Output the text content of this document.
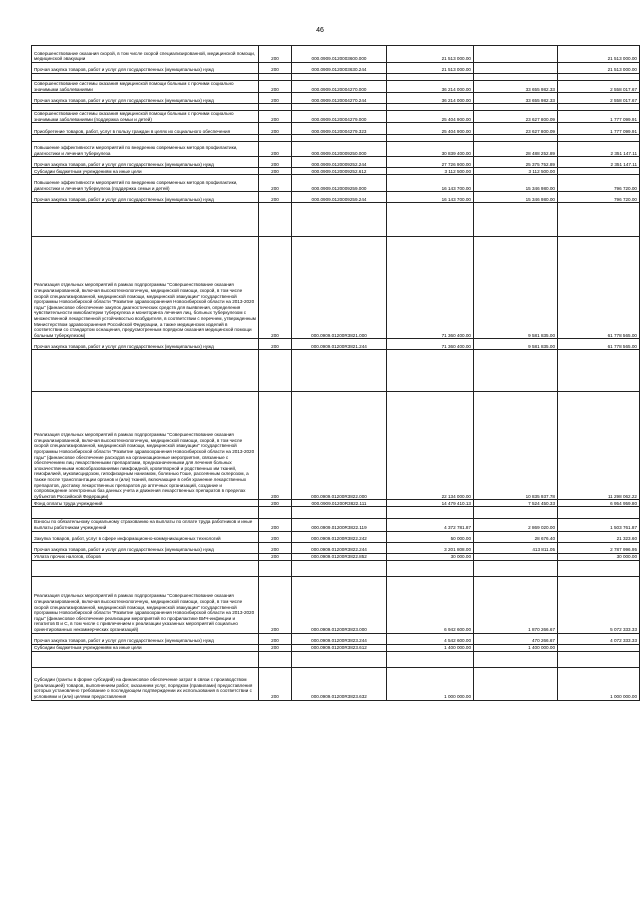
46
Совершенствование оказания скорой, в том числе скорой специализированной, медицинской помощи, медицинской эвакуации	200	000.0909.0120003600.000	21 513 000.00		21 513 000.00
Прочая закупка товаров, работ и услуг для государственных (муниципальных) нужд	200	000.0909.0120003630.244	21 513 000.00		21 513 000.00

Совершенствование системы оказания медицинской помощи больным с прочими социально значимыми заболеваниями	200	000.0909.0120004270.000	36 214 000.00	33 655 982.33	2 558 017.67
Прочая закупка товаров, работ и услуг для государственных (муниципальных) нужд	200	000.0909.0120004270.244	36 214 000.00	33 655 982.33	2 558 017.67

Совершенствование системы оказания медицинской помощи больным с прочими социально значимыми заболеваниями (поддержка семьи и детей)	200	000.0909.0120004279.000	25 404 900.00	23 627 800.09	1 777 099.91
Приобретение товаров, работ, услуг в пользу граждан в целях их социального обеспечения	200	000.0909.0120004279.323	25 404 900.00	23 627 800.09	1 777 099.91

Повышение эффективности мероприятий по внедрению современных методов профилактики, диагностики и лечения туберкулеза	200	000.0909.0120009250.000	30 839 400.00	28 488 252.89	2 351 147.11
Прочая закупка товаров, работ и услуг для государственных (муниципальных) нужд	200	000.0909.0120009252.244	27 726 900.00	25 375 752.89	2 351 147.11
Субсидии бюджетным учреждениям на иные цели	200	000.0909.0120009252.612	3 112 500.00	3 112 500.00	
Повышение эффективности мероприятий по внедрению современных методов профилактики, диагностики и лечения туберкулеза (поддержка семьи и детей)	200	000.0909.0120009259.000	16 143 700.00	15 346 980.00	796 720.00
Прочая закупка товаров, работ и услуг для государственных (муниципальных) нужд	200	000.0909.0120009259.244	16 143 700.00	15 346 980.00	796 720.00

Реализация отдельных мероприятий в рамках подпрограммы "Совершенствование оказания специализированной, включая высокотехнологичную, медицинской помощи, скорой, в том числе скорой специализированной, медицинской помощи, медицинской эвакуации" государственной программы Новосибирской области "Развитие здравоохранения Новосибирской области на 2013-2020 годы" (финансовое обеспечение закупок диагностических средств для выявления, определения чувствительности микобактерии туберкулеза и мониторинга лечения лиц, больных туберкулезом с множественной лекарственной устойчивостью возбудителя, в соответствии с перечнем, утвержденным Министерством здравоохранения Российской Федерации, а также медицинских изделий в соответствии со стандартом оснащения, предусмотренным порядком оказания медицинской помощи больным туберкулезом)	200	000.0909.01200R3821.000	71 360 400.00	9 581 835.00	61 778 565.00
Прочая закупка товаров, работ и услуг для государственных (муниципальных) нужд	200	000.0909.01200R3821.244	71 360 400.00	9 581 835.00	61 778 565.00

Реализация отдельных мероприятий в рамках подпрограммы "Совершенствование оказания специализированной, включая высокотехнологичную, медицинской помощи, скорой, в том числе скорой специализированной, медицинской помощи, медицинской эвакуации" государственной программы Новосибирской области "Развитие здравоохранения Новосибирской области на 2013-2020 годы" (финансовое обеспечение расходов на организационные мероприятия, связанные с обеспечением лиц лекарственными препаратами, предназначенными для лечения больных злокачественными новообразованиями лимфоидной, кроветворной и родственных им тканей, гемофилией, муковисцидозом, гипофизарным нанизмом, болезнью Гоше, рассеянным склерозом, а также после трансплантации органов и (или) тканей, включающие в себя хранение лекарственных препаратов, доставку лекарственных препаратов до аптечных организаций, создание и сопровождение электронных баз данных учета и движения лекарственных препаратов в пределах субъектов Российской Федерации)	200	000.0909.01200R3822.000	22 134 000.00	10 835 937.78	11 298 062.22
Фонд оплаты труда учреждений	200	000.0909.01200R3822.111	14 479 410.13	7 524 450.33	6 954 959.80

Взносы по обязательному социальному страхованию на выплаты по оплате труда работников и иные выплаты работникам учреждений	200	000.0909.01200R3822.119	4 372 781.87	2 869 020.00	1 503 761.87
Закупка товаров, работ, услуг в сфере информационно-коммуникационных технологий	200	000.0909.01200R3822.242	50 000.00	28 676.40	21 323.60
Прочая закупка товаров, работ и услуг для государственных (муниципальных) нужд	200	000.0909.01200R3822.244	3 201 808.00	413 811.05	2 787 996.95
Уплата прочих налогов, сборов	200	000.0909.01200R3822.852	30 000.00		30 000.00

Реализация отдельных мероприятий в рамках подпрограммы "Совершенствование оказания специализированной, включая высокотехнологичную, медицинской помощи, скорой, в том числе скорой специализированной, медицинской помощи, медицинской эвакуации" государственной программы Новосибирской области "Развитие здравоохранения Новосибирской области на 2013-2020 годы" (финансовое обеспечение реализации мероприятий по профилактике ВИЧ-инфекции и гепатитов В и С, в том числе с привлечением к реализации указанных мероприятий социально ориентированных некоммерческих организаций)	200	000.0909.01200R3823.000	6 942 600.00	1 870 266.67	5 072 333.33
Прочая закупка товаров, работ и услуг для государственных (муниципальных) нужд	200	000.0909.01200R3823.244	4 542 600.00	470 266.67	4 072 333.33
Субсидии бюджетным учреждениям на иные цели	200	000.0909.01200R3823.612	1 400 000.00	1 400 000.00	

Субсидии (гранты в форме субсидий) на финансовое обеспечение затрат в связи с производством (реализацией) товаров, выполнением работ, оказанием услуг, порядком (правилами) предоставления которых установлено требование о последующем подтверждении их использования в соответствии с условиями и (или) целями предоставления	200	000.0909.01200R3823.632	1 000 000.00		1 000 000.00
